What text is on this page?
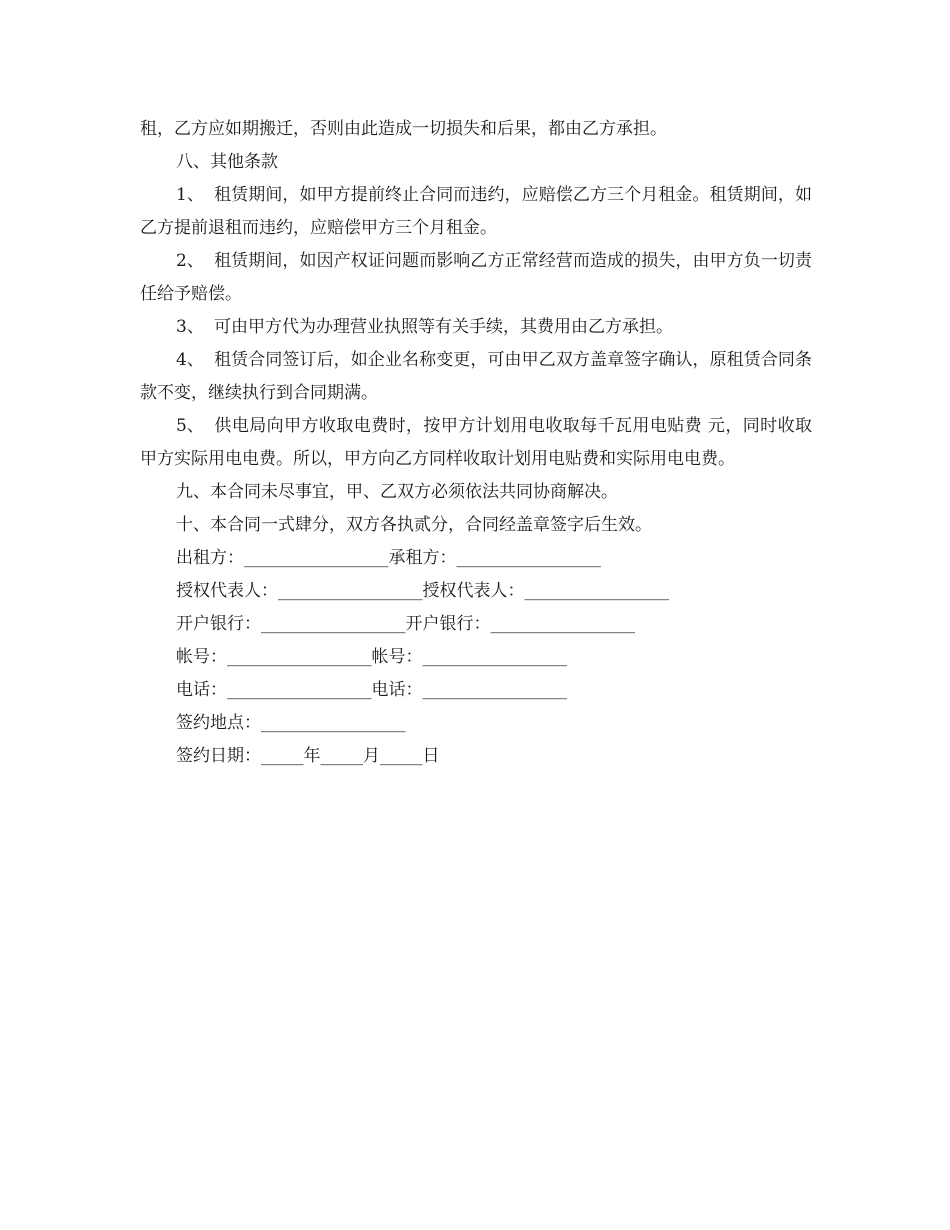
租，乙方应如期搬迁，否则由此造成一切损失和后果，都由乙方承担。

八、其他条款

1、 租赁期间，如甲方提前终止合同而违约，应赔偿乙方三个月租金。租赁期间，如乙方提前退租而违约，应赔偿甲方三个月租金。

2、 租赁期间，如因产权证问题而影响乙方正常经营而造成的损失，由甲方负一切责任给予赔偿。

3、 可由甲方代为办理营业执照等有关手续，其费用由乙方承担。

4、 租赁合同签订后，如企业名称变更，可由甲乙双方盖章签字确认，原租赁合同条款不变，继续执行到合同期满。

5、 供电局向甲方收取电费时，按甲方计划用电收取每千瓦用电贴费 元，同时收取甲方实际用电电费。所以，甲方向乙方同样收取计划用电贴费和实际用电电费。

九、本合同未尽事宜，甲、乙双方必须依法共同协商解决。

十、本合同一式肆分，双方各执贰分，合同经盖章签字后生效。

出租方：_________________承租方：_________________
授权代表人：_________________授权代表人：_________________
开户银行：_________________开户银行：_________________
帐号：_________________帐号：_________________
电话：_________________电话：_________________
签约地点：_________________
签约日期：_____年_____月_____日
